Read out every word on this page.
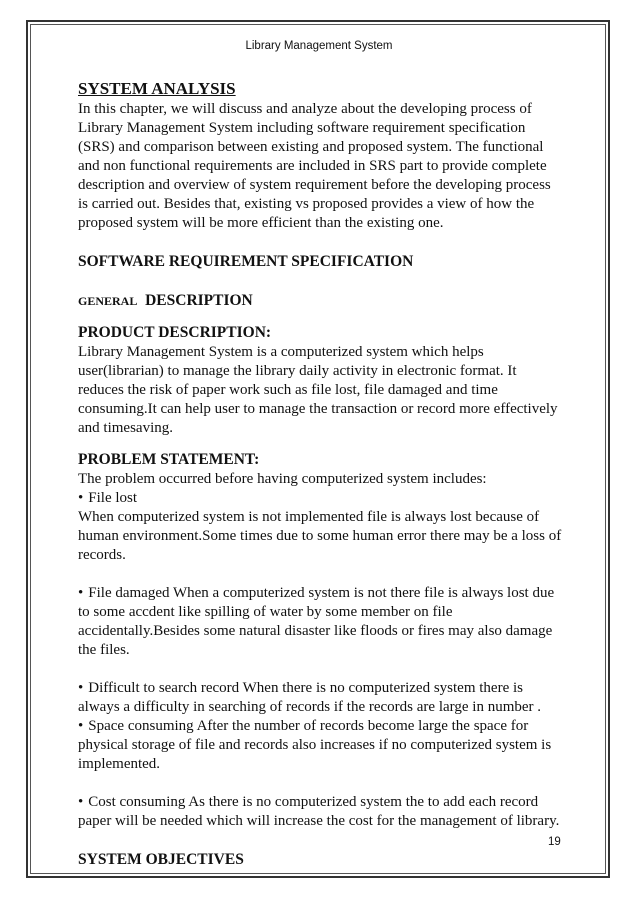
Library Management System

SYSTEM ANALYSIS

In this chapter, we will discuss and analyze about the developing process of

Library Management System including software requirement specification

(SRS) and comparison between existing and proposed system. The functional

and non functional requirements are included in SRS part to provide complete

description and overview of system requirement before the developing process

is carried out. Besides that, existing vs proposed provides a view of how the

proposed system will be more efficient than the existing one.

SOFTWARE REQUIREMENT SPECIFICATION

GENERAL DESCRIPTION

PRODUCT DESCRIPTION:

Library Management System is a computerized system which helps

user(librarian) to manage the library daily activity in electronic format. It

reduces the risk of paper work such as file lost, file damaged and time

consuming.It can help user to manage the transaction or record more effectively

and timesaving.

PROBLEM STATEMENT:

The problem occurred before having computerized system includes:

• File lost

When computerized system is not implemented file is always lost because of

human environment.Some times due to some human error there may be a loss of

records.

• File damaged When a computerized system is not there file is always lost due

to some accdent like spilling of water by some member on file

accidentally.Besides some natural disaster like floods or fires may also damage

the files.

• Difficult to search record When there is no computerized system there is

always a difficulty in searching of records if the records are large in number .

• Space consuming After the number of records become large the space for

physical storage of file and records also increases if no computerized system is

implemented.

• Cost consuming As there is no computerized system the to add each record

paper will be needed which will increase the cost for the management of library.

SYSTEM OBJECTIVES

19
